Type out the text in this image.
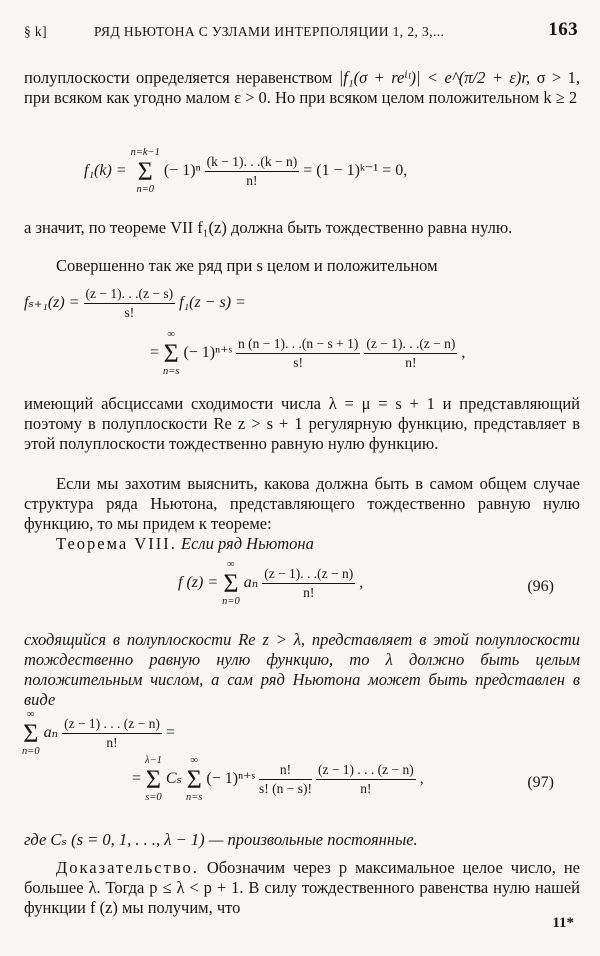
§ k]	РЯД НЬЮТОНА С УЗЛАМИ ИНТЕРПОЛЯЦИИ 1, 2, 3,...	163

полуплоскости определяется неравенством |f₁(σ + reⁱᵗ)| < e^(π/2 + ε)r, σ > 1, при всяком как угодно малом ε > 0. Но при всяком целом положительном k ≥ 2

f₁(k) =
n=k−1
Σ
n=0
(− $1)^n \frac{(k - 1). . .(k - n)}{n!} = (1$ − 1)ᵏ⁻¹ = 0,

а значит, по теореме VII f₁(z) должна быть тождественно равна нулю.

Совершенно так же ряд при s целом и положительном

$f_{s+1}(z) = \frac{(z - 1). . .(z - s)}{s!} f_1(z - s)$ =
=
∞
Σ
n=s
(− 1)ⁿ⁺ˢ $\frac{n (n - 1). . .(n - s + 1)}{s!}$
$\frac{(z - 1). . .(z - n)}{n!}$ ,

имеющий абсциссами сходимости числа λ = μ = s + 1 и представляющий поэтому в полуплоскости Re z > s + 1 регулярную функцию, представляет в этой полуплоскости тождественно равную нулю функцию.

Если мы захотим выяснить, какова должна быть в самом общем случае структура ряда Ньютона, представляющего тождественно равную нулю функцию, то мы придем к теореме:

Теорема VIII. Если ряд Ньютона

f (z) =
∞
Σ
n=0
aₙ $\frac{(z - 1). . .(z - n)}{n!}$ ,	(96)

сходящийся в полуплоскости Re z > λ, представляет в этой полуплоскости тождественно равную нулю функцию, то λ должно быть целым положительным числом, а сам ряд Ньютона может быть представлен в виде

∞
Σ
n=0
aₙ $\frac{(z - 1) . . . (z - n)}{n!}$ =
=
λ−1
Σ
s=0
Cₛ
∞
Σ
n=s
(− 1)ⁿ⁺ˢ $\frac{n!}{s! (n - s)!}$
$\frac{(z - 1) . . . (z - n)}{n!}$ ,	(97)

где Cₛ (s = 0, 1, . . ., λ − 1) — произвольные постоянные.

Доказательство. Обозначим через p максимальное целое число, не большее λ. Тогда p ≤ λ < p + 1. В силу тождественного равенства нулю нашей функции f (z) мы получим, что

11*
